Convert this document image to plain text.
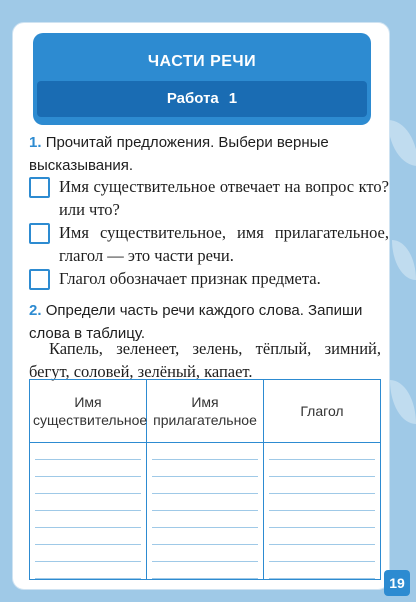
ЧАСТИ РЕЧИ
Работа 1
1. Прочитай предложения. Выбери верные высказывания.
Имя существительное отвечает на вопрос кто? или что?
Имя существительное, имя прилагательное, глагол — это части речи.
Глагол обозначает признак предмета.
2. Определи часть речи каждого слова. Запиши слова в таблицу.
Капель, зеленеет, зелень, тёплый, зимний, бегут, соловей, зелёный, капает.
Имя существительное	Имя прилагательное	Глагол

19
